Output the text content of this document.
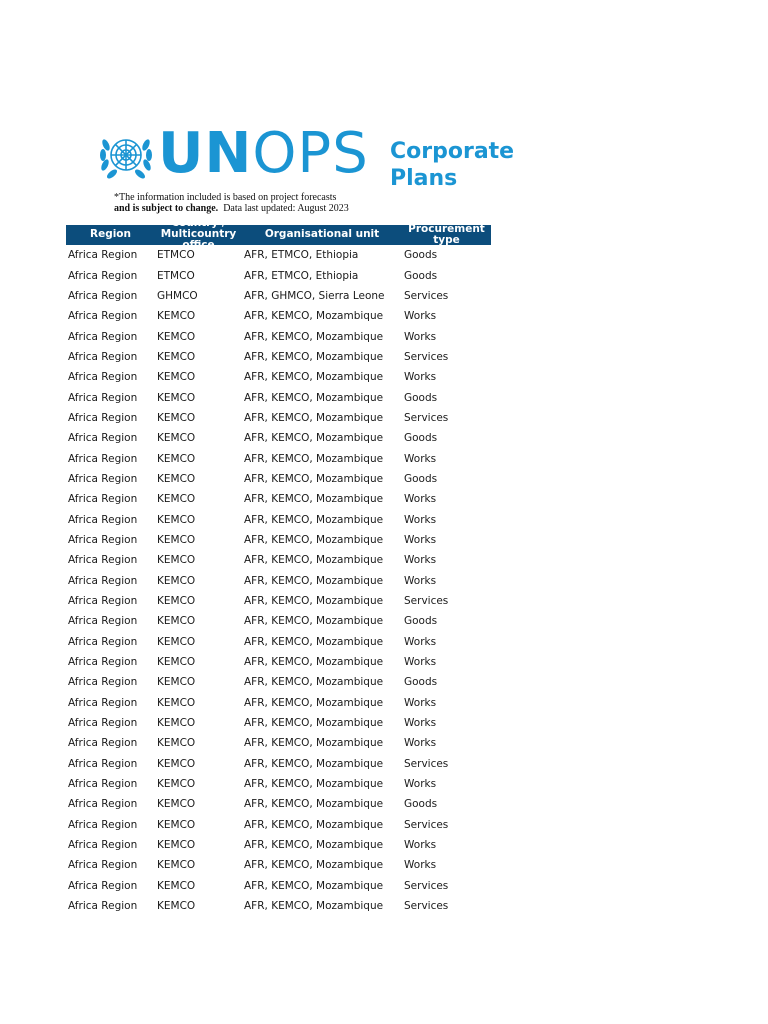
UNOPS Corporate
Plans
*The information included is based on project forecasts
and is subject to change.  Data last updated: August 2023
Region	Country /
Multicountry
office	Organisational unit	Procurement
type

Africa Region	ETMCO	AFR, ETMCO, Ethiopia	Goods
Africa Region	ETMCO	AFR, ETMCO, Ethiopia	Goods
Africa Region	GHMCO	AFR, GHMCO, Sierra Leone	Services
Africa Region	KEMCO	AFR, KEMCO, Mozambique	Works
Africa Region	KEMCO	AFR, KEMCO, Mozambique	Works
Africa Region	KEMCO	AFR, KEMCO, Mozambique	Services
Africa Region	KEMCO	AFR, KEMCO, Mozambique	Works
Africa Region	KEMCO	AFR, KEMCO, Mozambique	Goods
Africa Region	KEMCO	AFR, KEMCO, Mozambique	Services
Africa Region	KEMCO	AFR, KEMCO, Mozambique	Goods
Africa Region	KEMCO	AFR, KEMCO, Mozambique	Works
Africa Region	KEMCO	AFR, KEMCO, Mozambique	Goods
Africa Region	KEMCO	AFR, KEMCO, Mozambique	Works
Africa Region	KEMCO	AFR, KEMCO, Mozambique	Works
Africa Region	KEMCO	AFR, KEMCO, Mozambique	Works
Africa Region	KEMCO	AFR, KEMCO, Mozambique	Works
Africa Region	KEMCO	AFR, KEMCO, Mozambique	Works
Africa Region	KEMCO	AFR, KEMCO, Mozambique	Services
Africa Region	KEMCO	AFR, KEMCO, Mozambique	Goods
Africa Region	KEMCO	AFR, KEMCO, Mozambique	Works
Africa Region	KEMCO	AFR, KEMCO, Mozambique	Works
Africa Region	KEMCO	AFR, KEMCO, Mozambique	Goods
Africa Region	KEMCO	AFR, KEMCO, Mozambique	Works
Africa Region	KEMCO	AFR, KEMCO, Mozambique	Works
Africa Region	KEMCO	AFR, KEMCO, Mozambique	Works
Africa Region	KEMCO	AFR, KEMCO, Mozambique	Services
Africa Region	KEMCO	AFR, KEMCO, Mozambique	Works
Africa Region	KEMCO	AFR, KEMCO, Mozambique	Goods
Africa Region	KEMCO	AFR, KEMCO, Mozambique	Services
Africa Region	KEMCO	AFR, KEMCO, Mozambique	Works
Africa Region	KEMCO	AFR, KEMCO, Mozambique	Works
Africa Region	KEMCO	AFR, KEMCO, Mozambique	Services
Africa Region	KEMCO	AFR, KEMCO, Mozambique	Services
